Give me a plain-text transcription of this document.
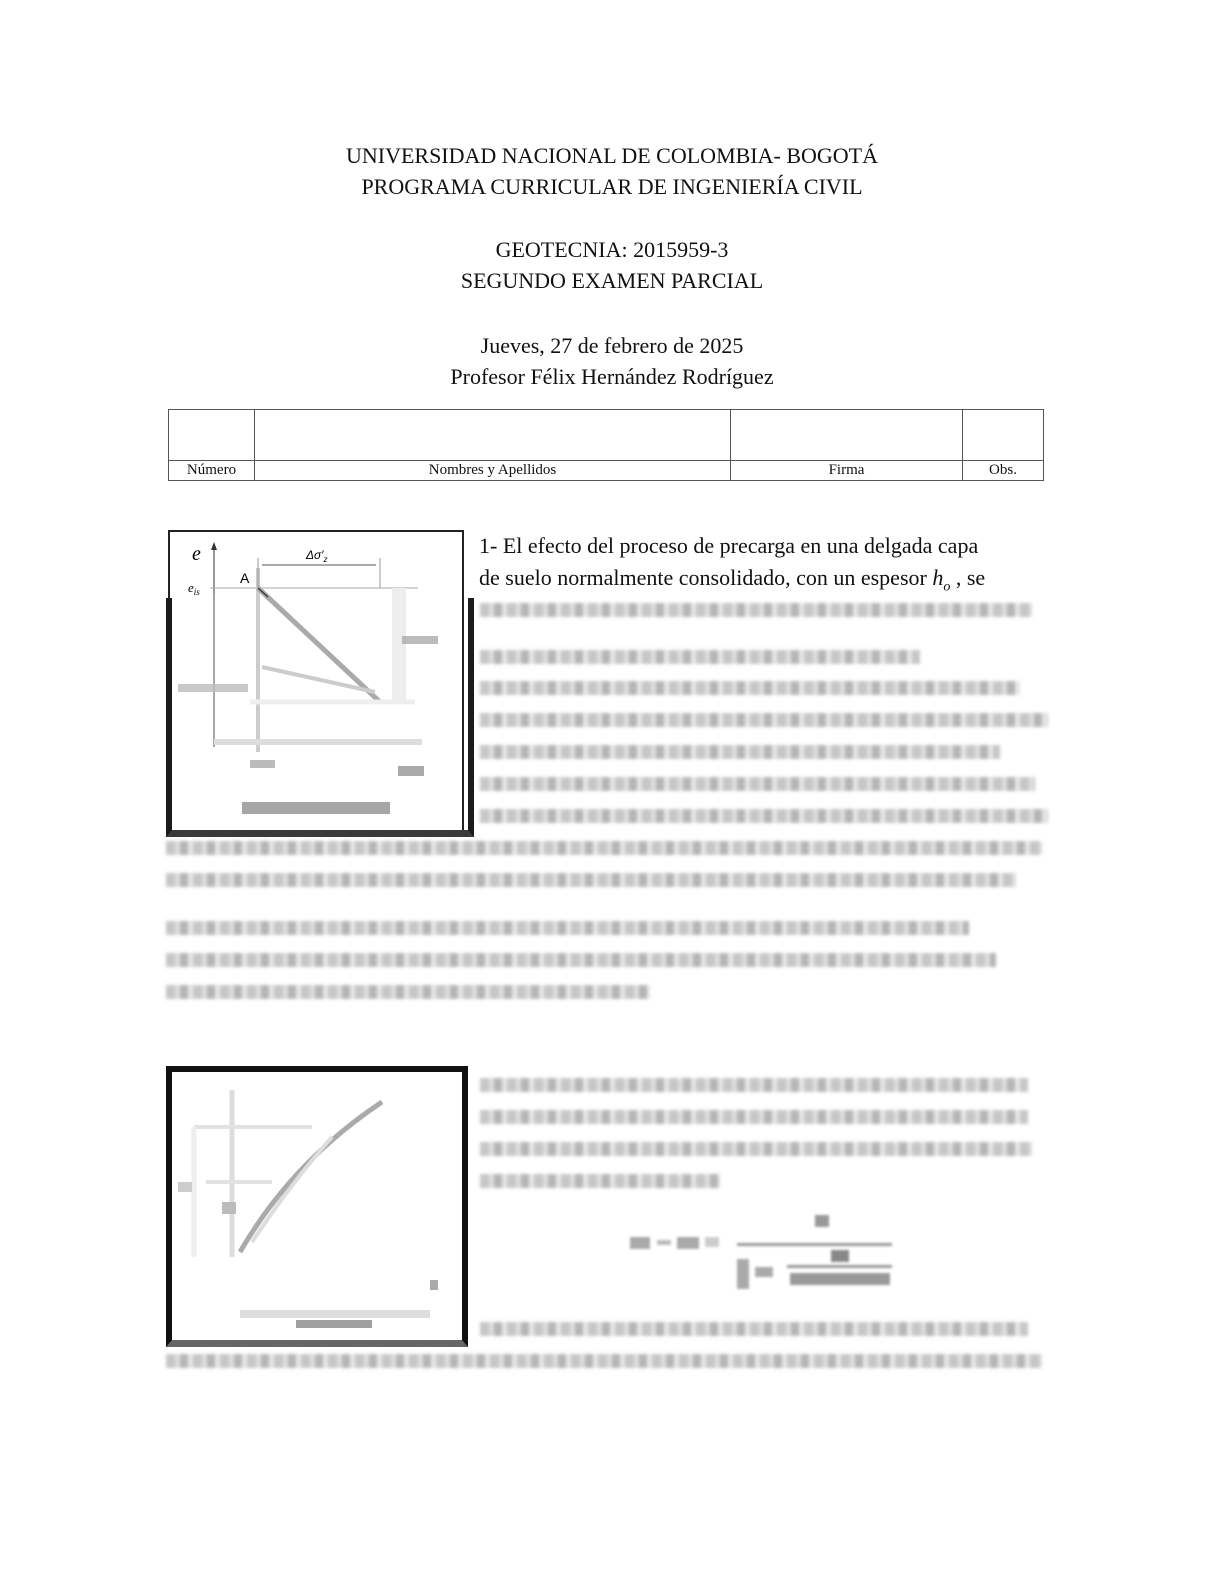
UNIVERSIDAD NACIONAL DE COLOMBIA- BOGOTÁ
PROGRAMA CURRICULAR DE INGENIERÍA CIVIL
GEOTECNIA: 2015959-3
SEGUNDO EXAMEN PARCIAL
Jueves, 27 de febrero de 2025
Profesor Félix Hernández Rodríguez

Número	Nombres y Apellidos	Firma	Obs.
e
$e_{is}$
A
$\Delta\sigma'_z$
1- El efecto del proceso de precarga en una delgada capa
de suelo normalmente consolidado, con un espesor $h_o$ , se
